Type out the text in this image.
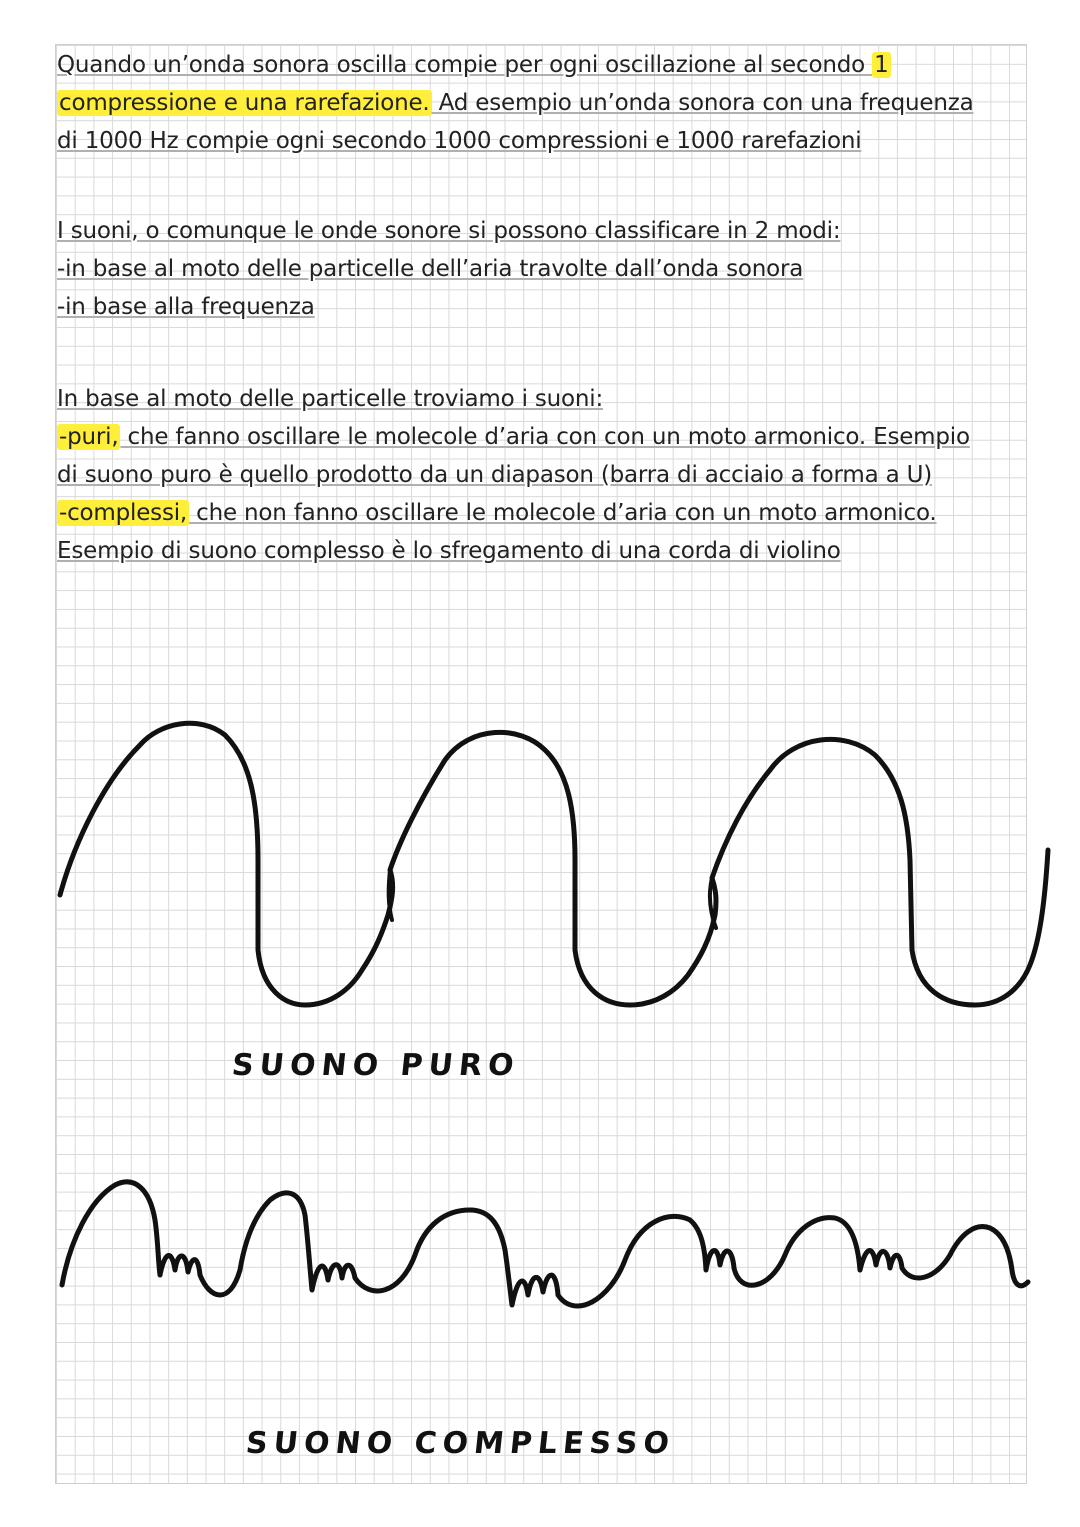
Quando un’onda sonora oscilla compie per ogni oscillazione al secondo 1
compressione e una rarefazione. Ad esempio un’onda sonora con una frequenza
di 1000 Hz compie ogni secondo 1000 compressioni e 1000 rarefazioni
I suoni, o comunque le onde sonore si possono classificare in 2 modi:
-in base al moto delle particelle dell’aria travolte dall’onda sonora
-in base alla frequenza
In base al moto delle particelle troviamo i suoni:
-puri, che fanno oscillare le molecole d’aria con con un moto armonico. Esempio
di suono puro è quello prodotto da un diapason (barra di acciaio a forma a U)
-complessi, che non fanno oscillare le molecole d’aria con un moto armonico.
Esempio di suono complesso è lo sfregamento di una corda di violino
SUONO PURO
SUONO COMPLESSO
